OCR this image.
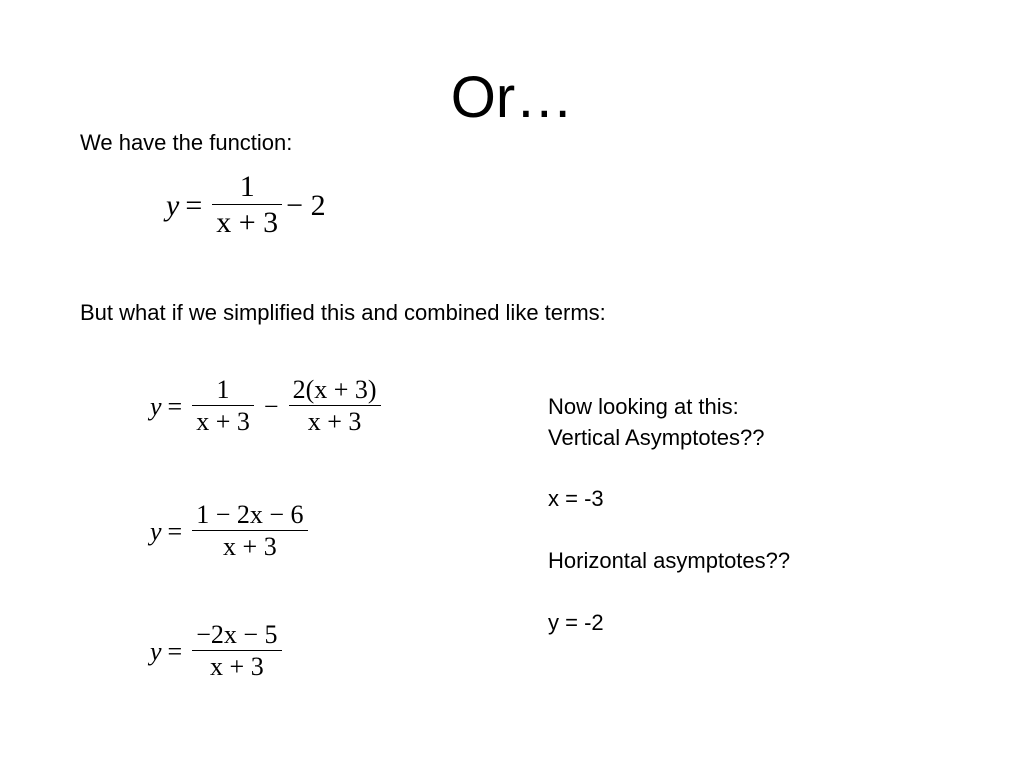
Or…

We have the function:

$y = \frac{1}{x + 3} - 2$

But what if we simplified this and combined like terms:

$y = \frac{1}{x + 3} - \frac{2(x + 3)}{x + 3}$
$y = \frac{1 - 2x - 6}{x + 3}$
$y = \frac{-2x - 5}{x + 3}$
Now looking at this:
Vertical Asymptotes??
x = -3
Horizontal asymptotes??
y = -2
